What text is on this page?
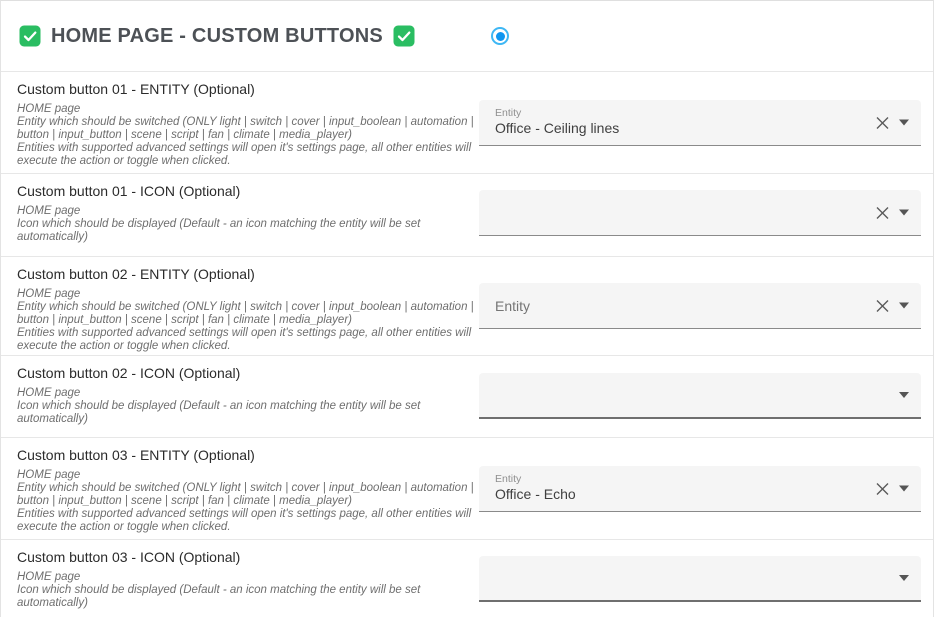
HOME PAGE - CUSTOM BUTTONS
Custom button 01 - ENTITY (Optional)
HOME page
Entity which should be switched (ONLY light | switch | cover | input_boolean | automation |
button | input_button | scene | script | fan | climate | media_player)
Entities with supported advanced settings will open it's settings page, all other entities will
execute the action or toggle when clicked.
Entity
Office - Ceiling lines
Custom button 01 - ICON (Optional)
HOME page
Icon which should be displayed (Default - an icon matching the entity will be set
automatically)
Custom button 02 - ENTITY (Optional)
HOME page
Entity which should be switched (ONLY light | switch | cover | input_boolean | automation |
button | input_button | scene | script | fan | climate | media_player)
Entities with supported advanced settings will open it's settings page, all other entities will
execute the action or toggle when clicked.
Entity
Custom button 02 - ICON (Optional)
HOME page
Icon which should be displayed (Default - an icon matching the entity will be set
automatically)
Custom button 03 - ENTITY (Optional)
HOME page
Entity which should be switched (ONLY light | switch | cover | input_boolean | automation |
button | input_button | scene | script | fan | climate | media_player)
Entities with supported advanced settings will open it's settings page, all other entities will
execute the action or toggle when clicked.
Entity
Office - Echo
Custom button 03 - ICON (Optional)
HOME page
Icon which should be displayed (Default - an icon matching the entity will be set
automatically)
